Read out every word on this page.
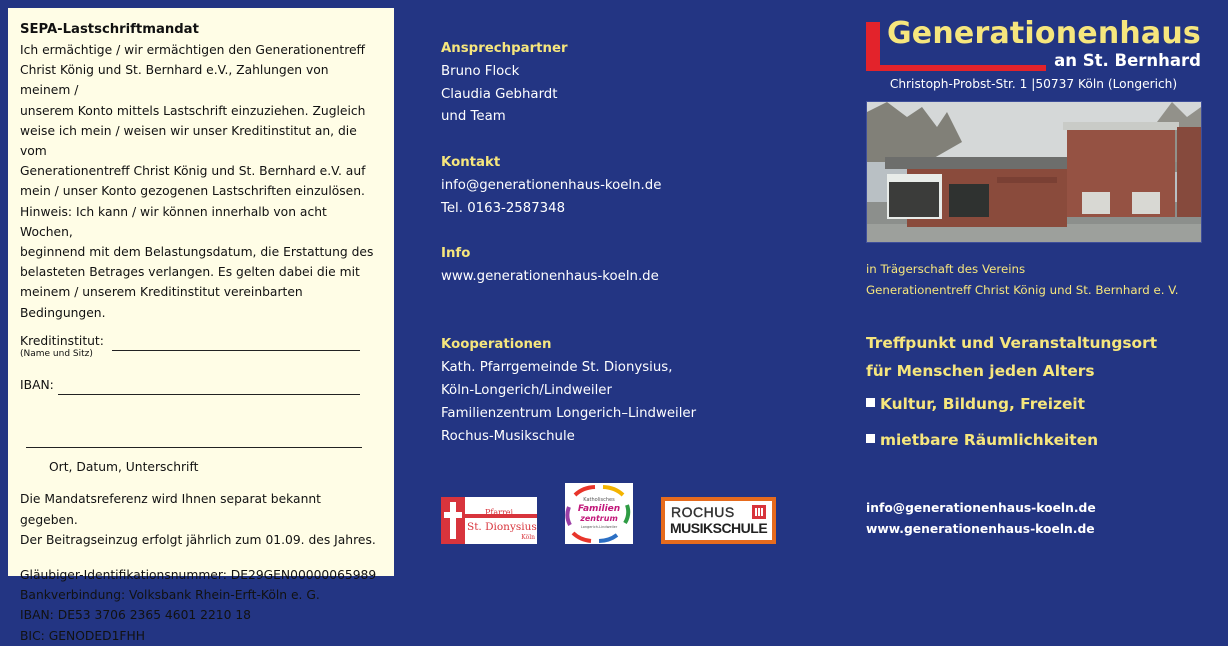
SEPA-Lastschriftmandat

Ich ermächtige / wir ermächtigen den Generationentreff

Christ König und St. Bernhard e.V., Zahlungen von meinem /

unserem Konto mittels Lastschrift einzuziehen. Zugleich

weise ich mein / weisen wir unser Kreditinstitut an, die vom

Generationentreff Christ König und St. Bernhard e.V. auf

mein / unser Konto gezogenen Lastschriften einzulösen.

Hinweis: Ich kann / wir können innerhalb von acht Wochen,

beginnend mit dem Belastungsdatum, die Erstattung des

belasteten Betrages verlangen. Es gelten dabei die mit

meinem / unserem Kreditinstitut vereinbarten Bedingungen.

Kreditinstitut:
(Name und Sitz)
IBAN:
Ort, Datum, Unterschrift

Die Mandatsreferenz wird Ihnen separat bekannt gegeben.

Der Beitragseinzug erfolgt jährlich zum 01.09. des Jahres.

Gläubiger-Identifikationsnummer: DE29GEN00000065989

Bankverbindung: Volksbank Rhein-Erft-Köln e. G.

IBAN: DE53 3706 2365 4601 2210 18

BIC: GENODED1FHH

Ansprechpartner
Bruno Flock
Claudia Gebhardt
und Team
Kontakt
info@generationenhaus-koeln.de
Tel. 0163-2587348
Info
www.generationenhaus-koeln.de
Kooperationen
Kath. Pfarrgemeinde St. Dionysius,
Köln-Longerich/Lindweiler
Familienzentrum Longerich–Lindweiler
Rochus-Musikschule
Pfarrei
St. Dionysius
Köln
Katholisches
Familien
zentrum
Longerich-Lindweiler
ROCHUS
MUSIKSCHULE
Generationenhaus
an St. Bernhard
Christoph-Probst-Str. 1 |50737 Köln (Longerich)
in Trägerschaft des Vereins
Generationentreff Christ König und St. Bernhard e. V.
Treffpunkt und Veranstaltungsort
für Menschen jeden Alters
Kultur, Bildung, Freizeit
mietbare Räumlichkeiten
info@generationenhaus-koeln.de
www.generationenhaus-koeln.de
